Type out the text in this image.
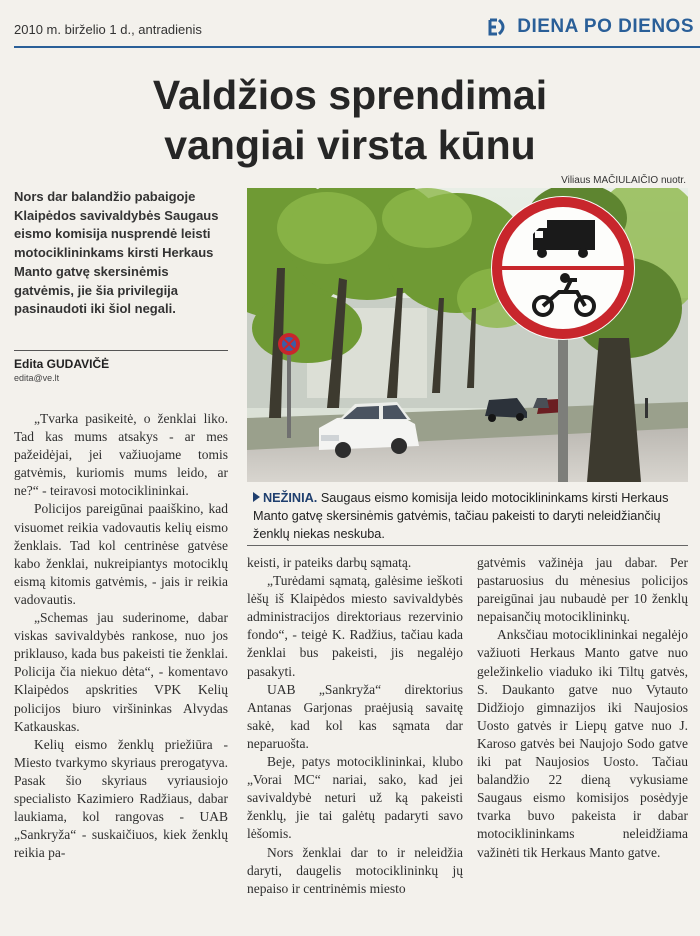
2010 m. birželio 1 d., antradienis	DIENA PO DIENOS
Valdžios sprendimai
vangiai virsta kūnu
Viliaus MAČIULAIČIO nuotr.
Nors dar balandžio pabaigoje Klaipėdos savivaldybės Saugaus eismo komisija nusprendė leisti motociklininkams kirsti Herkaus Manto gatvę skersinėmis gatvėmis, jie šia privilegija pasinaudoti iki šiol negali.
Edita GUDAVIČĖ
edita@ve.lt
NEŽINIA. Saugaus eismo komisija leido motociklininkams kirsti Herkaus Manto gatvę skersinėmis gatvėmis, tačiau pakeisti to daryti neleidžiančių ženklų niekas neskuba.

„Tvarka pasikeitė, o ženklai liko. Tad kas mums atsakys - ar mes pažeidėjai, jei važiuojame tomis gatvėmis, kuriomis mums leido, ar ne?“ - teiravosi motociklininkai.

Policijos pareigūnai paaiškino, kad visuomet reikia vadovautis kelių eismo ženklais. Tad kol centrinėse gatvėse kabo ženklai, nukreipiantys motociklų eismą kitomis gatvėmis, - jais ir reikia vadovautis.

„Schemas jau suderinome, dabar viskas savivaldybės rankose, nuo jos priklauso, kada bus pakeisti tie ženklai. Policija čia niekuo dėta“, - komentavo Klaipėdos apskrities VPK Kelių policijos biuro viršininkas Alvydas Katkauskas.

Kelių eismo ženklų priežiūra - Miesto tvarkymo skyriaus prerogatyva. Pasak šio skyriaus vyriausiojo specialisto Kazimiero Radžiaus, dabar laukiama, kol rangovas - UAB „Sankryža“ - suskaičiuos, kiek ženklų reikia pa-

keisti, ir pateiks darbų sąmatą.

„Turėdami sąmatą, galėsime ieškoti lėšų iš Klaipėdos miesto savivaldybės administracijos direktoriaus rezervinio fondo“, - teigė K. Radžius, tačiau kada ženklai bus pakeisti, jis negalėjo pasakyti.

UAB „Sankryža“ direktorius Antanas Garjonas praėjusią savaitę sakė, kad kol kas sąmata dar neparuošta.

Beje, patys motociklininkai, klubo „Vorai MC“ nariai, sako, kad jei savivaldybė neturi už ką pakeisti ženklų, jie tai galėtų padaryti savo lėšomis.

Nors ženklai dar to ir neleidžia daryti, daugelis motociklininkų jų nepaiso ir centrinėmis miesto

gatvėmis važinėja jau dabar. Per pastaruosius du mėnesius policijos pareigūnai jau nubaudė per 10 ženklų nepaisančių motociklininkų.

Anksčiau motociklininkai negalėjo važiuoti Herkaus Manto gatve nuo geležinkelio viaduko iki Tiltų gatvės, S. Daukanto gatve nuo Vytauto Didžiojo gimnazijos iki Naujosios Uosto gatvės ir Liepų gatve nuo J. Karoso gatvės bei Naujojo Sodo gatve iki pat Naujosios Uosto. Tačiau balandžio 22 dieną vykusiame Saugaus eismo komisijos posėdyje tvarka buvo pakeista ir dabar motociklininkams neleidžiama važinėti tik Herkaus Manto gatve.
